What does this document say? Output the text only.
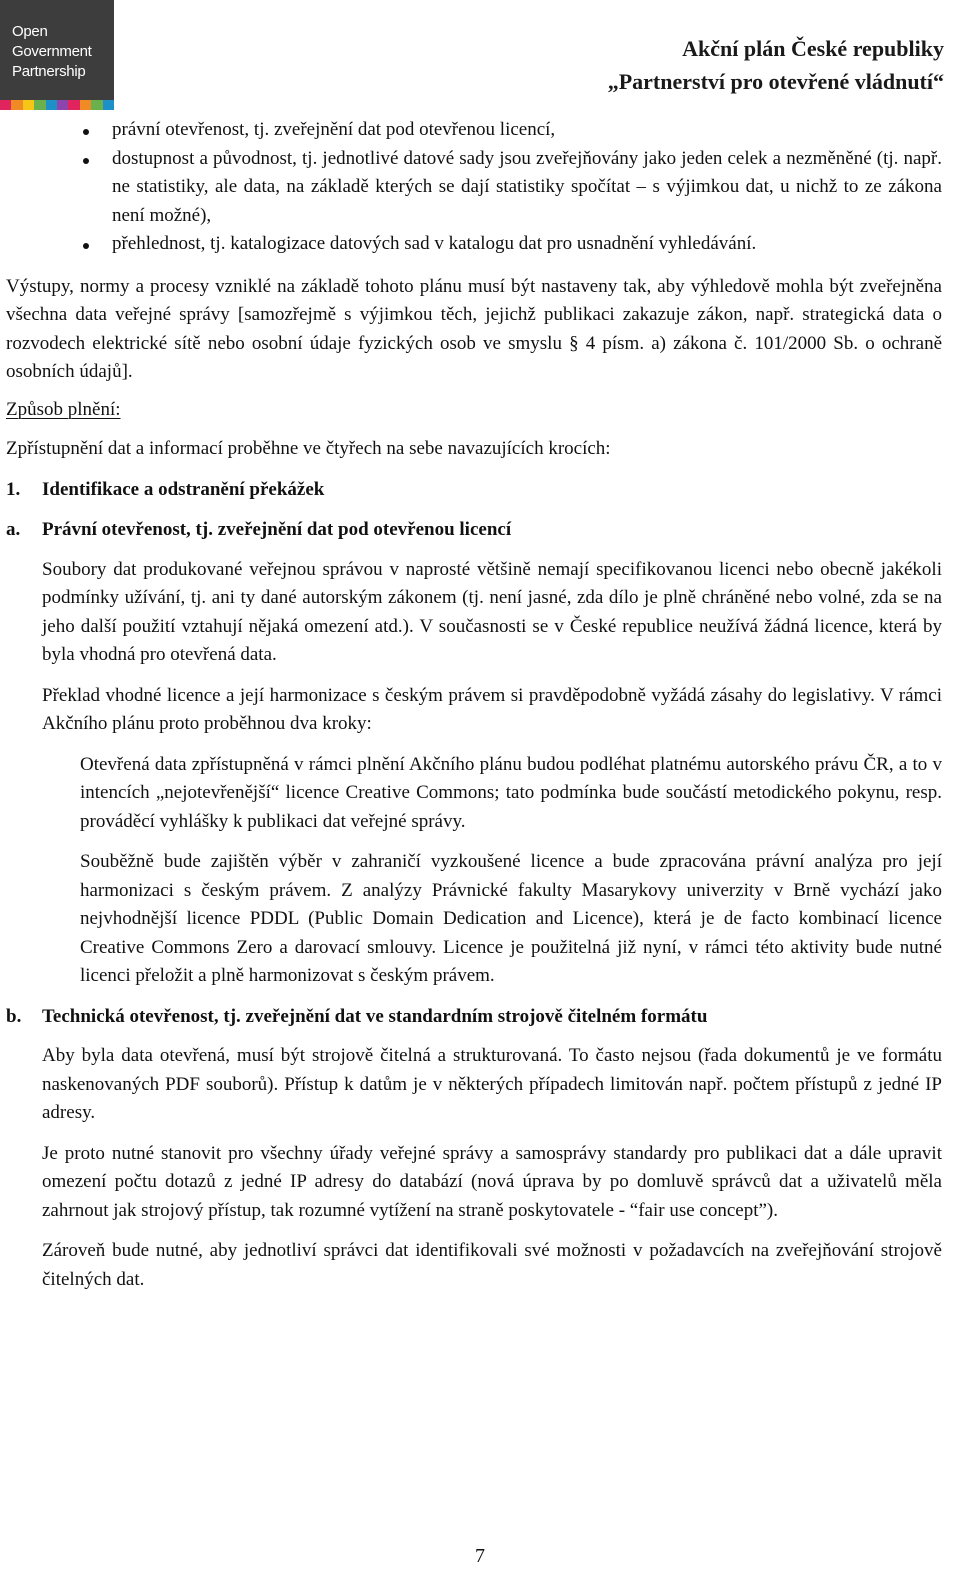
Open
Government
Partnership
Akční plán České republiky
„Partnerství pro otevřené vládnutí“
právní otevřenost, tj. zveřejnění dat pod otevřenou licencí,
dostupnost a původnost, tj. jednotlivé datové sady jsou zveřejňovány jako jeden celek a nezměněné (tj. např. ne statistiky, ale data, na základě kterých se dají statistiky spočítat – s výjimkou dat, u nichž to ze zákona není možné),
přehlednost, tj. katalogizace datových sad v katalogu dat pro usnadnění vyhledávání.

Výstupy, normy a procesy vzniklé na základě tohoto plánu musí být nastaveny tak, aby výhledově mohla být zveřejněna všechna data veřejné správy [samozřejmě s výjimkou těch, jejichž publikaci zakazuje zákon, např. strategická data o rozvodech elektrické sítě nebo osobní údaje fyzických osob ve smyslu § 4 písm. a) zákona č. 101/2000 Sb. o ochraně osobních údajů].

Způsob plnění:

Zpřístupnění dat a informací proběhne ve čtyřech na sebe navazujících krocích:

1.	Identifikace a odstranění překážek
a.	Právní otevřenost, tj. zveřejnění dat pod otevřenou licencí

Soubory dat produkované veřejnou správou v naprosté většině nemají specifikovanou licenci nebo obecně jakékoli podmínky užívání, tj. ani ty dané autorským zákonem (tj. není jasné, zda dílo je plně chráněné nebo volné, zda se na jeho další použití vztahují nějaká omezení atd.). V současnosti se v České republice neužívá žádná licence, která by byla vhodná pro otevřená data.

Překlad vhodné licence a její harmonizace s českým právem si pravděpodobně vyžádá zásahy do legislativy. V rámci Akčního plánu proto proběhnou dva kroky:

Otevřená data zpřístupněná v rámci plnění Akčního plánu budou podléhat platnému autorského právu ČR, a to v intencích „nejotevřenější“ licence Creative Commons; tato podmínka bude součástí metodického pokynu, resp. prováděcí vyhlášky k publikaci dat veřejné správy.

Souběžně bude zajištěn výběr v zahraničí vyzkoušené licence a bude zpracována právní analýza pro její harmonizaci s českým právem. Z analýzy Právnické fakulty Masarykovy univerzity v Brně vychází jako nejvhodnější licence PDDL (Public Domain Dedication and Licence), která je de facto kombinací licence Creative Commons Zero a darovací smlouvy. Licence je použitelná již nyní, v rámci této aktivity bude nutné licenci přeložit a plně harmonizovat s českým právem.

b.	Technická otevřenost, tj. zveřejnění dat ve standardním strojově čitelném formátu

Aby byla data otevřená, musí být strojově čitelná a strukturovaná. To často nejsou (řada dokumentů je ve formátu naskenovaných PDF souborů). Přístup k datům je v některých případech limitován např. počtem přístupů z jedné IP adresy.

Je proto nutné stanovit pro všechny úřady veřejné správy a samosprávy standardy pro publikaci dat a dále upravit omezení počtu dotazů z jedné IP adresy do databází (nová úprava by po domluvě správců dat a uživatelů měla zahrnout jak strojový přístup, tak rozumné vytížení na straně poskytovatele - “fair use concept”).

Zároveň bude nutné, aby jednotliví správci dat identifikovali své možnosti v požadavcích na zveřejňování strojově čitelných dat.

7
